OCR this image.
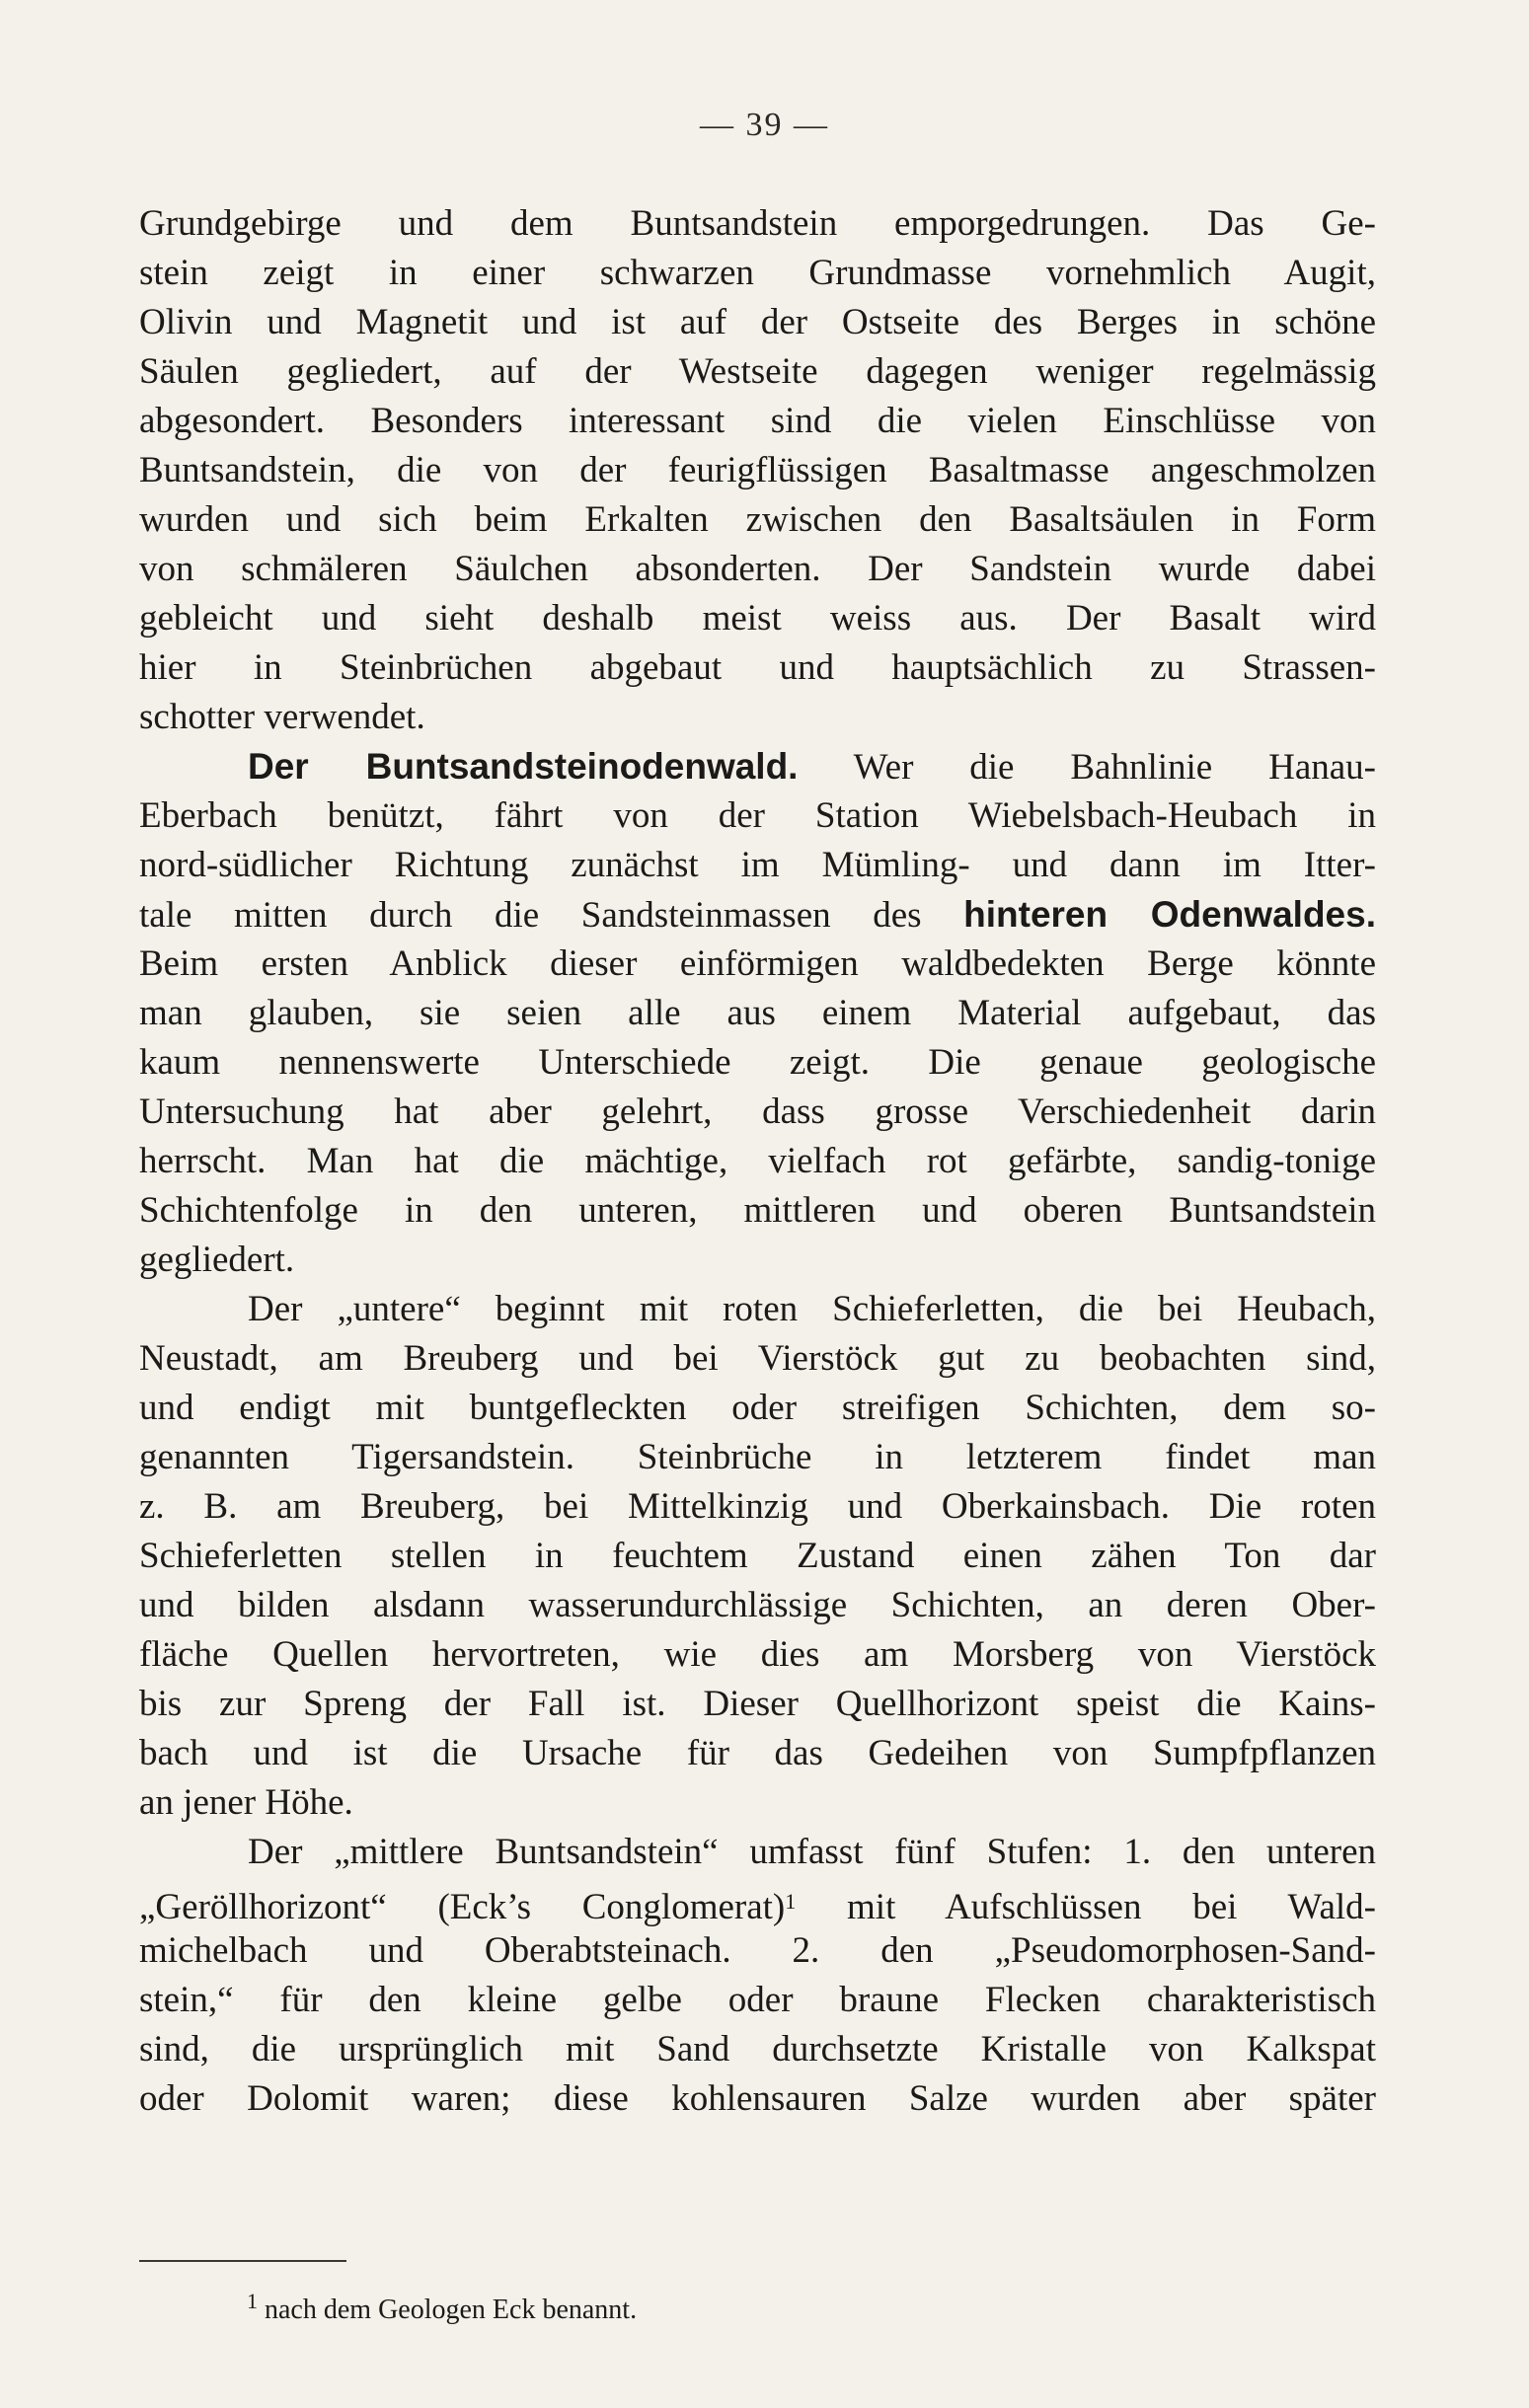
— 39 —
Grundgebirge und dem Buntsandstein emporgedrungen. Das Ge-
stein zeigt in einer schwarzen Grundmasse vornehmlich Augit,
Olivin und Magnetit und ist auf der Ostseite des Berges in schöne
Säulen gegliedert, auf der Westseite dagegen weniger regelmässig
abgesondert. Besonders interessant sind die vielen Einschlüsse von
Buntsandstein, die von der feurigflüssigen Basaltmasse angeschmolzen
wurden und sich beim Erkalten zwischen den Basaltsäulen in Form
von schmäleren Säulchen absonderten. Der Sandstein wurde dabei
gebleicht und sieht deshalb meist weiss aus. Der Basalt wird
hier in Steinbrüchen abgebaut und hauptsächlich zu Strassen-
schotter verwendet.
Der Buntsandsteinodenwald. Wer die Bahnlinie Hanau-
Eberbach benützt, fährt von der Station Wiebelsbach-Heubach in
nord-südlicher Richtung zunächst im Mümling- und dann im Itter-
tale mitten durch die Sandsteinmassen des hinteren Odenwaldes.
Beim ersten Anblick dieser einförmigen waldbedekten Berge könnte
man glauben, sie seien alle aus einem Material aufgebaut, das
kaum nennenswerte Unterschiede zeigt. Die genaue geologische
Untersuchung hat aber gelehrt, dass grosse Verschiedenheit darin
herrscht. Man hat die mächtige, vielfach rot gefärbte, sandig-tonige
Schichtenfolge in den unteren, mittleren und oberen Buntsandstein
gegliedert.
Der „untere“ beginnt mit roten Schieferletten, die bei Heubach,
Neustadt, am Breuberg und bei Vierstöck gut zu beobachten sind,
und endigt mit buntgefleckten oder streifigen Schichten, dem so-
genannten Tigersandstein. Steinbrüche in letzterem findet man
z. B. am Breuberg, bei Mittelkinzig und Oberkainsbach. Die roten
Schieferletten stellen in feuchtem Zustand einen zähen Ton dar
und bilden alsdann wasserundurchlässige Schichten, an deren Ober-
fläche Quellen hervortreten, wie dies am Morsberg von Vierstöck
bis zur Spreng der Fall ist. Dieser Quellhorizont speist die Kains-
bach und ist die Ursache für das Gedeihen von Sumpfpflanzen
an jener Höhe.
Der „mittlere Buntsandstein“ umfasst fünf Stufen: 1. den unteren
„Geröllhorizont“ (Eck’s Conglomerat)$^1$ mit Aufschlüssen bei Wald-
michelbach und Oberabtsteinach. 2. den „Pseudomorphosen-Sand-
stein,“ für den kleine gelbe oder braune Flecken charakteristisch
sind, die ursprünglich mit Sand durchsetzte Kristalle von Kalkspat
oder Dolomit waren; diese kohlensauren Salze wurden aber später
$^1$ nach dem Geologen Eck benannt.
